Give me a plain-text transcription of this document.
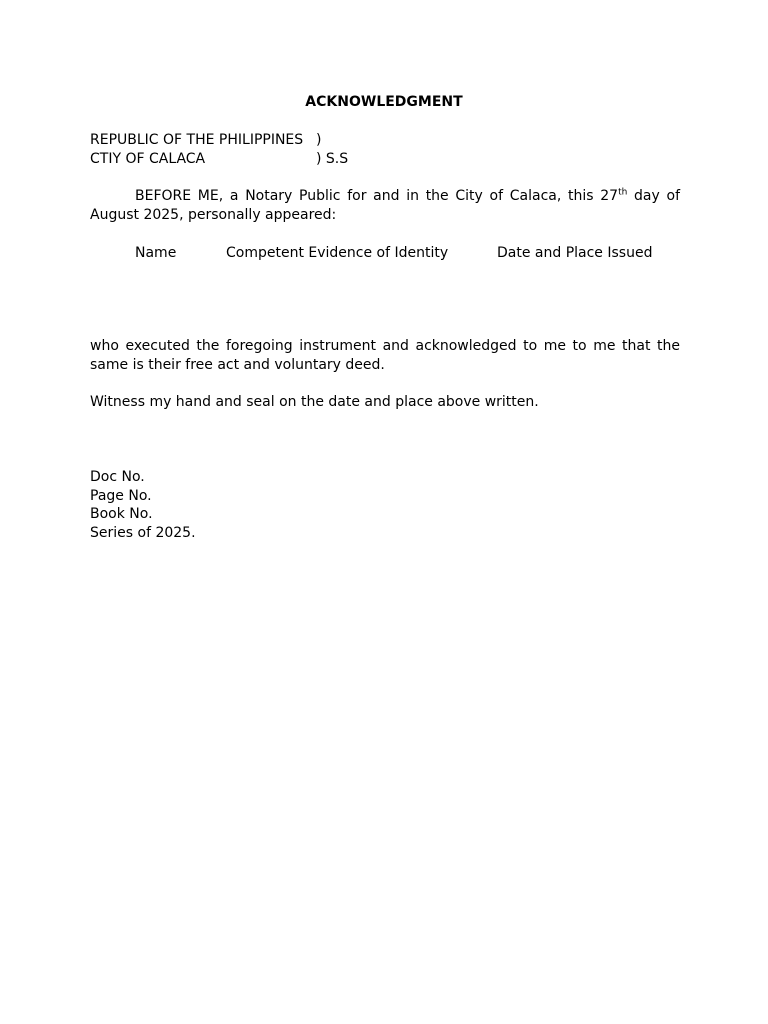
ACKNOWLEDGMENT
REPUBLIC OF THE PHILIPPINES )
CTIY OF CALACA	) S.S
BEFORE ME, a Notary Public for and in the City of Calaca, this 27th day of August 2025, personally appeared:
Name	Competent Evidence of Identity	Date and Place Issued
who executed the foregoing instrument and acknowledged to me to me that the same is their free act and voluntary deed.
Witness my hand and seal on the date and place above written.
Doc No.
Page No.
Book No.
Series of 2025.
